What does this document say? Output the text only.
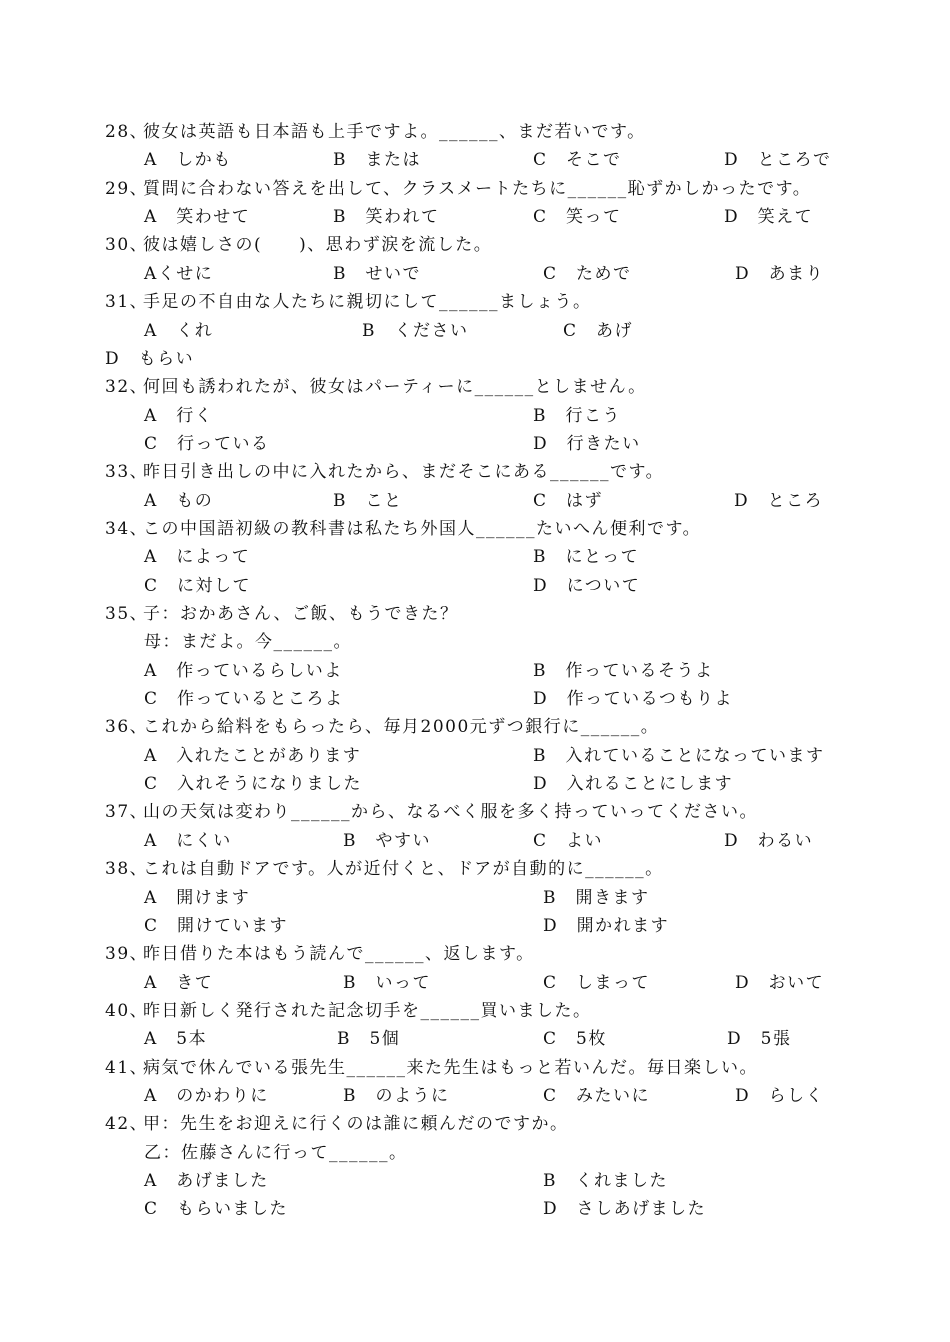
28、
彼女は英語も日本語も上手ですよ。______、まだ若いです。
A　しかも	B　または	C　そこで	D　ところで
29、
質問に合わない答えを出して、クラスメートたちに______恥ずかしかったです。
A　笑わせて	B　笑われて	C　笑って	D　笑えて
30、
彼は嬉しさの(　　)、思わず涙を流した。
Aくせに	B　せいで	C　ためで	D　あまり
31、
手足の不自由な人たちに親切にして______ましょう。
A　くれ	B　ください	C　あげ
D　もらい
32、
何回も誘われたが、彼女はパーティーに______としません。
A　行く	B　行こう
C　行っている	D　行きたい
33、
昨日引き出しの中に入れたから、まだそこにある______です。
A　もの	B　こと	C　はず	D　ところ
34、
この中国語初級の教科書は私たち外国人______たいへん便利です。
A　によって	B　にとって
C　に対して	D　について
35、
子：おかあさん、ご飯、もうできた？
母：まだよ。今______。
A　作っているらしいよ	B　作っているそうよ
C　作っているところよ	D　作っているつもりよ
36、
これから給料をもらったら、毎月2000元ずつ銀行に______。
A　入れたことがあります	B　入れていることになっています
C　入れそうになりました	D　入れることにします
37、
山の天気は変わり______から、なるべく服を多く持っていってください。
A　にくい	B　やすい	C　よい	D　わるい
38、
これは自動ドアです。人が近付くと、ドアが自動的に______。
A　開けます	B　開きます
C　開けています	D　開かれます
39、
昨日借りた本はもう読んで______、返します。
A　きて	B　いって	C　しまって	D　おいて
40、
昨日新しく発行された記念切手を______買いました。
A　5本	B　5個	C　5枚	D　5張
41、
病気で休んでいる張先生______来た先生はもっと若いんだ。毎日楽しい。
A　のかわりに	B　のように	C　みたいに	D　らしく
42、
甲：先生をお迎えに行くのは誰に頼んだのですか。
乙：佐藤さんに行って______。
A　あげました	B　くれました
C　もらいました	D　さしあげました
